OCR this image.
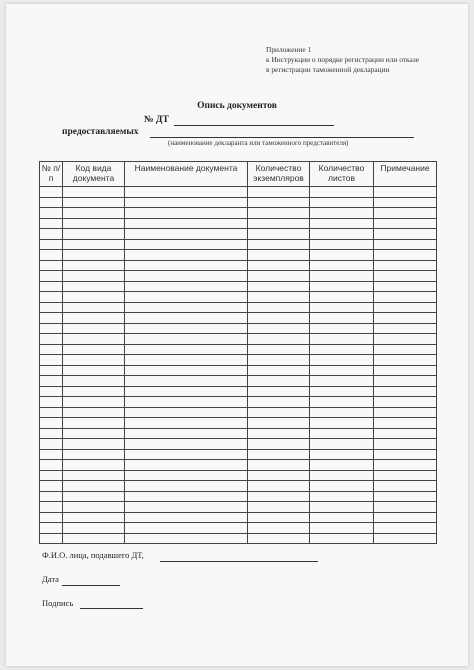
Приложение 1
к Инструкции о порядке регистрации или отказе
в регистрации таможенной декларации
Опись документов
№ ДТ
предоставляемых
(наименование декларанта или таможенного представителя)
№ п/п	Код вида документа	Наименование документа	Количество экземпляров	Количество листов	Примечание

Ф.И.О. лица, подавшего ДТ,
Дата
Подпись
